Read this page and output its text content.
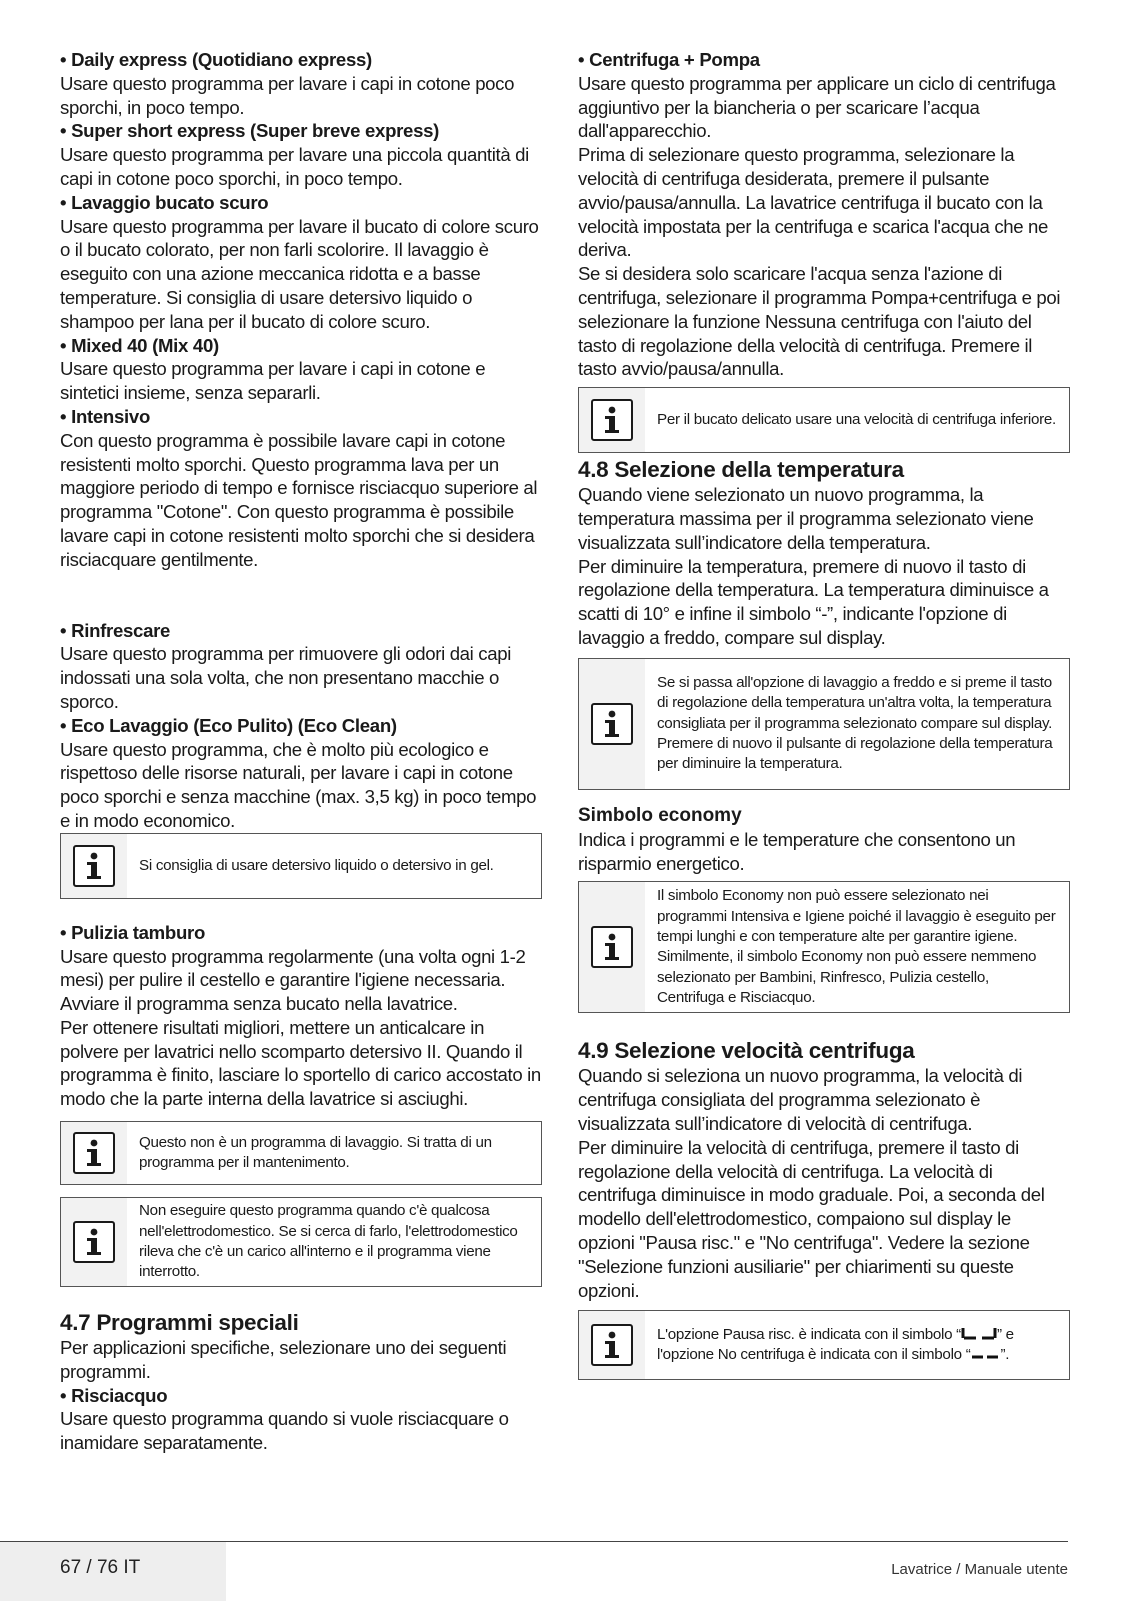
• Daily express (Quotidiano express)

Usare questo programma per lavare i capi in cotone poco sporchi, in poco tempo.

• Super short express (Super breve express)

Usare questo programma per lavare una piccola quantità di capi in cotone poco sporchi, in poco tempo.

• Lavaggio bucato scuro

Usare questo programma per lavare il bucato di colore scuro o il bucato colorato, per non farli scolorire. Il lavaggio è eseguito con una azione meccanica ridotta e a basse temperature. Si consiglia di usare detersivo liquido o shampoo per lana per il bucato di colore scuro.

• Mixed 40 (Mix 40)

Usare questo programma per lavare i capi in cotone e sintetici insieme, senza separarli.

• Intensivo

Con questo programma è possibile lavare capi in cotone resistenti molto sporchi. Questo programma lava per un maggiore periodo di tempo e fornisce risciacquo superiore al programma "Cotone". Con questo programma è possibile lavare capi in cotone resistenti molto sporchi che si desidera risciacquare gentilmente.

• Rinfrescare

Usare questo programma per rimuovere gli odori dai capi indossati una sola volta, che non presentano macchie o sporco.

• Eco Lavaggio (Eco Pulito) (Eco Clean)

Usare questo programma, che è molto più ecologico e rispettoso delle risorse naturali, per lavare i capi in cotone poco sporchi e senza macchine (max. 3,5 kg) in poco tempo e in modo economico.

Si consiglia di usare detersivo liquido o detersivo in gel.

• Pulizia tamburo

Usare questo programma regolarmente (una volta ogni 1-2 mesi) per pulire il cestello e garantire l'igiene necessaria. Avviare il programma senza bucato nella lavatrice.

Per ottenere risultati migliori, mettere un anticalcare in polvere per lavatrici nello scomparto detersivo II. Quando il programma è finito, lasciare lo sportello di carico accostato in modo che la parte interna della lavatrice si asciughi.

Questo non è un programma di lavaggio. Si tratta di un programma per il mantenimento.
Non eseguire questo programma quando c'è qualcosa nell'elettrodomestico. Se si cerca di farlo, l'elettrodomestico rileva che c'è un carico all'interno e il programma viene interrotto.

4.7 Programmi speciali

Per applicazioni specifiche, selezionare uno dei seguenti programmi.

• Risciacquo

Usare questo programma quando si vuole risciacquare o inamidare separatamente.

• Centrifuga + Pompa

Usare questo programma per applicare un ciclo di centrifuga aggiuntivo per la biancheria o per scaricare l’acqua dall'apparecchio.

Prima di selezionare questo programma, selezionare la velocità di centrifuga desiderata, premere il pulsante avvio/pausa/annulla. La lavatrice centrifuga il bucato con la velocità impostata per la centrifuga e scarica l'acqua che ne deriva.

Se si desidera solo scaricare l'acqua senza l'azione di centrifuga, selezionare il programma Pompa+centrifuga e poi selezionare la funzione Nessuna centrifuga con l'aiuto del tasto di regolazione della velocità di centrifuga. Premere il tasto avvio/pausa/annulla.

Per il bucato delicato usare una velocità di centrifuga inferiore.

4.8 Selezione della temperatura

Quando viene selezionato un nuovo programma, la temperatura massima per il programma selezionato viene visualizzata sull’indicatore della temperatura.

Per diminuire la temperatura, premere di nuovo il tasto di regolazione della temperatura. La temperatura diminuisce a scatti di 10° e infine il simbolo “-”, indicante l'opzione di lavaggio a freddo, compare sul display.

Se si passa all'opzione di lavaggio a freddo e si preme il tasto di regolazione della temperatura un'altra volta, la temperatura consigliata per il programma selezionato compare sul display. Premere di nuovo il pulsante di regolazione della temperatura per diminuire la temperatura.

Simbolo economy

Indica i programmi e le temperature che consentono un risparmio energetico.

Il simbolo Economy non può essere selezionato nei programmi Intensiva e Igiene poiché il lavaggio è eseguito per tempi lunghi e con temperature alte per garantire igiene. Similmente, il simbolo Economy non può essere nemmeno selezionato per Bambini, Rinfresco, Pulizia cestello, Centrifuga e Risciacquo.

4.9 Selezione velocità centrifuga

Quando si seleziona un nuovo programma, la velocità di centrifuga consigliata del programma selezionato è visualizzata sull’indicatore di velocità di centrifuga.

Per diminuire la velocità di centrifuga, premere il tasto di regolazione della velocità di centrifuga. La velocità di centrifuga diminuisce in modo graduale. Poi, a seconda del modello dell'elettrodomestico, compaiono sul display le opzioni "Pausa risc." e "No centrifuga". Vedere la sezione "Selezione funzioni ausiliarie" per chiarimenti su queste opzioni.

L'opzione Pausa risc. è indicata con il simbolo “ ” e l'opzione No centrifuga è indicata con il simbolo “ ”.
67 / 76 IT	Lavatrice / Manuale utente
